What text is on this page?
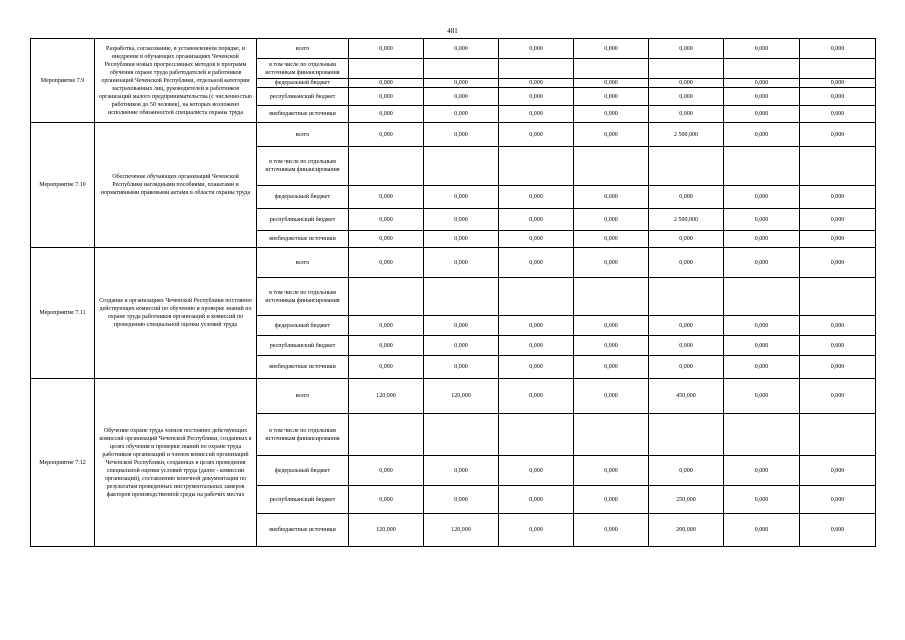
481
Мероприятие 7.9	Разработка, согласование, в установленном порядке, и внедрение в обучающих организациях Чеченской Республики новых прогрессивных методов и программ обучения охране труда работодателей и работников организаций Чеченской Республики, отдельной категории застрахованных лиц, руководителей и работников организаций малого предпринимательства (с численностью работников до 50 человек), на которых возложено исполнение обязанностей специалиста охраны труда	всего	0,000	0,000	0,000	0,000	0,000	0,000	0,000
		в том числе по отдельным источникам финансирования							
		федеральный бюджет	0,000	0,000	0,000	0,000	0,000	0,000	0,000
		республиканский бюджет	0,000	0,000	0,000	0,000	0,000	0,000	0,000
		внебюджетные источники	0,000	0,000	0,000	0,000	0,000	0,000	0,000
Мероприятие 7.10	Обеспечение обучающих организаций Чеченской Республики наглядными пособиями, плакатами и нормативными правовыми актами в области охраны труда	всего	0,000	0,000	0,000	0,000	2 500,000	0,000	0,000
		в том числе по отдельным источникам финансирования							
		федеральный бюджет	0,000	0,000	0,000	0,000	0,000	0,000	0,000
		республиканский бюджет	0,000	0,000	0,000	0,000	2 500,000	0,000	0,000
		внебюджетные источники	0,000	0,000	0,000	0,000	0,000	0,000	0,000
Мероприятие 7.11	Создание в организациях Чеченской Республики постоянно действующих комиссий по обучению и проверке знаний по охране труда работников организаций и комиссий по проведению специальной оценки условий труда	всего	0,000	0,000	0,000	0,000	0,000	0,000	0,000
		в том числе по отдельным источникам финансирования							
		федеральный бюджет	0,000	0,000	0,000	0,000	0,000	0,000	0,000
		республиканский бюджет	0,000	0,000	0,000	0,000	0,000	0,000	0,000
		внебюджетные источники	0,000	0,000	0,000	0,000	0,000	0,000	0,000
Мероприятие 7.12	Обучение охране труда членов постоянно действующих комиссий организаций Чеченской Республики, созданных в целях обучения и проверки знаний по охране труда работников организаций и членов комиссий организаций Чеченской Республики, созданных в целях проведения специальной оценки условий труда (далее - комиссии организаций), составлению конечной документации по результатам проведенных инструментальных замеров факторов производственной среды на рабочих местах	всего	120,000	120,000	0,000	0,000	450,000	0,000	0,000
		в том числе по отдельным источникам финансирования							
		федеральный бюджет	0,000	0,000	0,000	0,000	0,000	0,000	0,000
		республиканский бюджет	0,000	0,000	0,000	0,000	250,000	0,000	0,000
		внебюджетные источники	120,000	120,000	0,000	0,000	200,000	0,000	0,000
